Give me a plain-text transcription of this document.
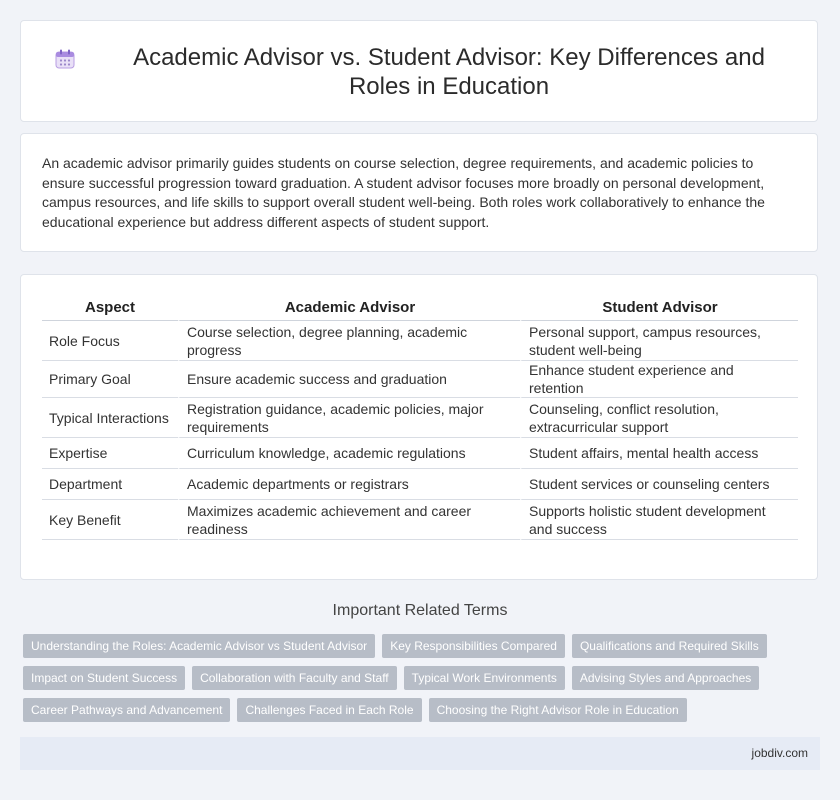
Academic Advisor vs. Student Advisor: Key Differences and Roles in Education

An academic advisor primarily guides students on course selection, degree requirements, and academic policies to ensure successful progression toward graduation. A student advisor focuses more broadly on personal development, campus resources, and life skills to support overall student well-being. Both roles work collaboratively to enhance the educational experience but address different aspects of student support.

Aspect	Academic Advisor	Student Advisor
Role Focus	Course selection, degree planning, academic progress	Personal support, campus resources, student well-being
Primary Goal	Ensure academic success and graduation	Enhance student experience and retention
Typical Interactions	Registration guidance, academic policies, major requirements	Counseling, conflict resolution, extracurricular support
Expertise	Curriculum knowledge, academic regulations	Student affairs, mental health access
Department	Academic departments or registrars	Student services or counseling centers
Key Benefit	Maximizes academic achievement and career readiness	Supports holistic student development and success
Important Related Terms
Understanding the Roles: Academic Advisor vs Student Advisor	Key Responsibilities Compared	Qualifications and Required Skills
Impact on Student Success	Collaboration with Faculty and Staff	Typical Work Environments	Advising Styles and Approaches
Career Pathways and Advancement	Challenges Faced in Each Role	Choosing the Right Advisor Role in Education
jobdiv.com
